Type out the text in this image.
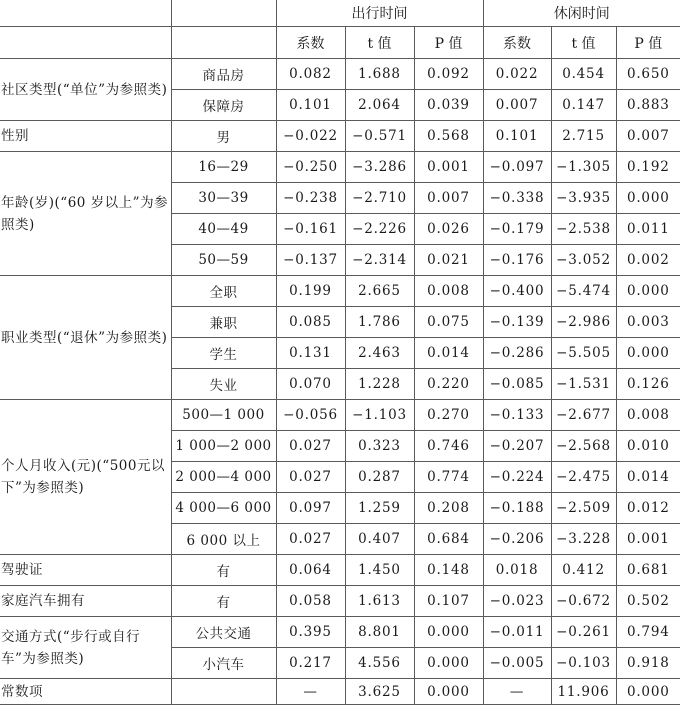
		出行时间			休闲时间		
		系数	t 值	P 值	系数	t 值	P 值
社区类型(“单位”为参照类)	商品房	0.082	1.688	0.092	0.022	0.454	0.650
	保障房	0.101	2.064	0.039	0.007	0.147	0.883
性别	男	−0.022	−0.571	0.568	0.101	2.715	0.007
年龄(岁)(“60 岁以上”为参照类)	16—29	−0.250	−3.286	0.001	−0.097	−1.305	0.192
	30—39	−0.238	−2.710	0.007	−0.338	−3.935	0.000
	40—49	−0.161	−2.226	0.026	−0.179	−2.538	0.011
	50—59	−0.137	−2.314	0.021	−0.176	−3.052	0.002
职业类型(“退休”为参照类)	全职	0.199	2.665	0.008	−0.400	−5.474	0.000
	兼职	0.085	1.786	0.075	−0.139	−2.986	0.003
	学生	0.131	2.463	0.014	−0.286	−5.505	0.000
	失业	0.070	1.228	0.220	−0.085	−1.531	0.126
个人月收入(元)(“500元以下”为参照类)	500—1 000	−0.056	−1.103	0.270	−0.133	−2.677	0.008
	1 000—2 000	0.027	0.323	0.746	−0.207	−2.568	0.010
	2 000—4 000	0.027	0.287	0.774	−0.224	−2.475	0.014
	4 000—6 000	0.097	1.259	0.208	−0.188	−2.509	0.012
	6 000 以上	0.027	0.407	0.684	−0.206	−3.228	0.001
驾驶证	有	0.064	1.450	0.148	0.018	0.412	0.681
家庭汽车拥有	有	0.058	1.613	0.107	−0.023	−0.672	0.502
交通方式(“步行或自行车”为参照类)	公共交通	0.395	8.801	0.000	−0.011	−0.261	0.794
	小汽车	0.217	4.556	0.000	−0.005	−0.103	0.918
常数项		—	3.625	0.000	—	11.906	0.000
